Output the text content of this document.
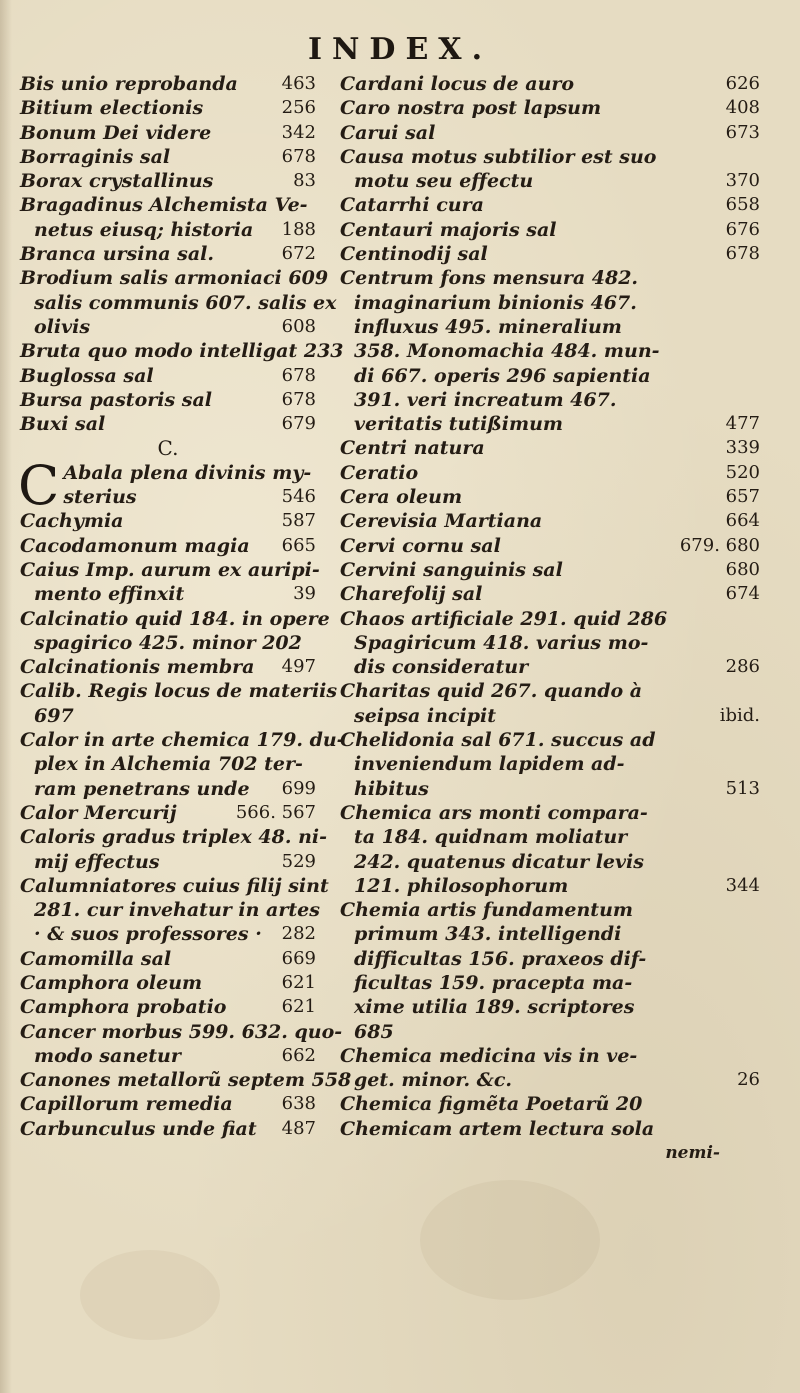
INDEX.
463
Bis unio reprobanda
256
Bitium electionis
342
Bonum Dei videre
678
Borraginis sal
83
Borax crystallinus
Bragadinus Alchemista Ve-
188
netus eiusq; historia
672
Branca ursina sal.
Brodium salis armoniaci 609
salis communis 607. salis ex
608
olivis
Bruta quo modo intelligat 233
678
Buglossa sal
678
Bursa pastoris sal
679
Buxi sal
C.
C Abala plena divinis my-
546
sterius
587
Cachymia
665
Cacodamonum magia
Caius Imp. aurum ex auripi-
39
mento effinxit
Calcinatio quid 184. in opere
spagirico 425. minor 202
497
Calcinationis membra
Calib. Regis locus de materiis
697
Calor in arte chemica 179. du-
plex in Alchemia 702 ter-
699
ram penetrans unde
566. 567
Calor Mercurij
Caloris gradus triplex 48. ni-
529
mij effectus
Calumniatores cuius filij sint
281. cur invehatur in artes
282
· & suos professores ·
669
Camomilla sal
621
Camphora oleum
621
Camphora probatio
Cancer morbus 599. 632. quo-
662
modo sanetur
Canones metallorũ septem 558
638
Capillorum remedia
487
Carbunculus unde fiat
626
Cardani locus de auro
408
Caro nostra post lapsum
673
Carui sal
Causa motus subtilior est suo
370
motu seu effectu
658
Catarrhi cura
676
Centauri majoris sal
678
Centinodij sal
Centrum fons mensura 482.
imaginarium binionis 467.
influxus 495. mineralium
358. Monomachia 484. mun-
di 667. operis 296 sapientia
391. veri increatum 467.
477
veritatis tutißimum
339
Centri natura
520
Ceratio
657
Cera oleum
664
Cerevisia Martiana
679. 680
Cervi cornu sal
680
Cervini sanguinis sal
674
Charefolij sal
Chaos artificiale 291. quid 286
Spagiricum 418. varius mo-
286
dis consideratur
Charitas quid 267. quando à
ibid.
seipsa incipit
Chelidonia sal 671. succus ad
inveniendum lapidem ad-
513
hibitus
Chemica ars monti compara-
ta 184. quidnam moliatur
242. quatenus dicatur levis
344
121. philosophorum
Chemia artis fundamentum
primum 343. intelligendi
difficultas 156. praxeos dif-
ficultas 159. pracepta ma-
xime utilia 189. scriptores
685
Chemica medicina vis in ve-
26
get. minor. &c.
Chemica figmẽta Poetarũ 20
Chemicam artem lectura sola
nemi-
